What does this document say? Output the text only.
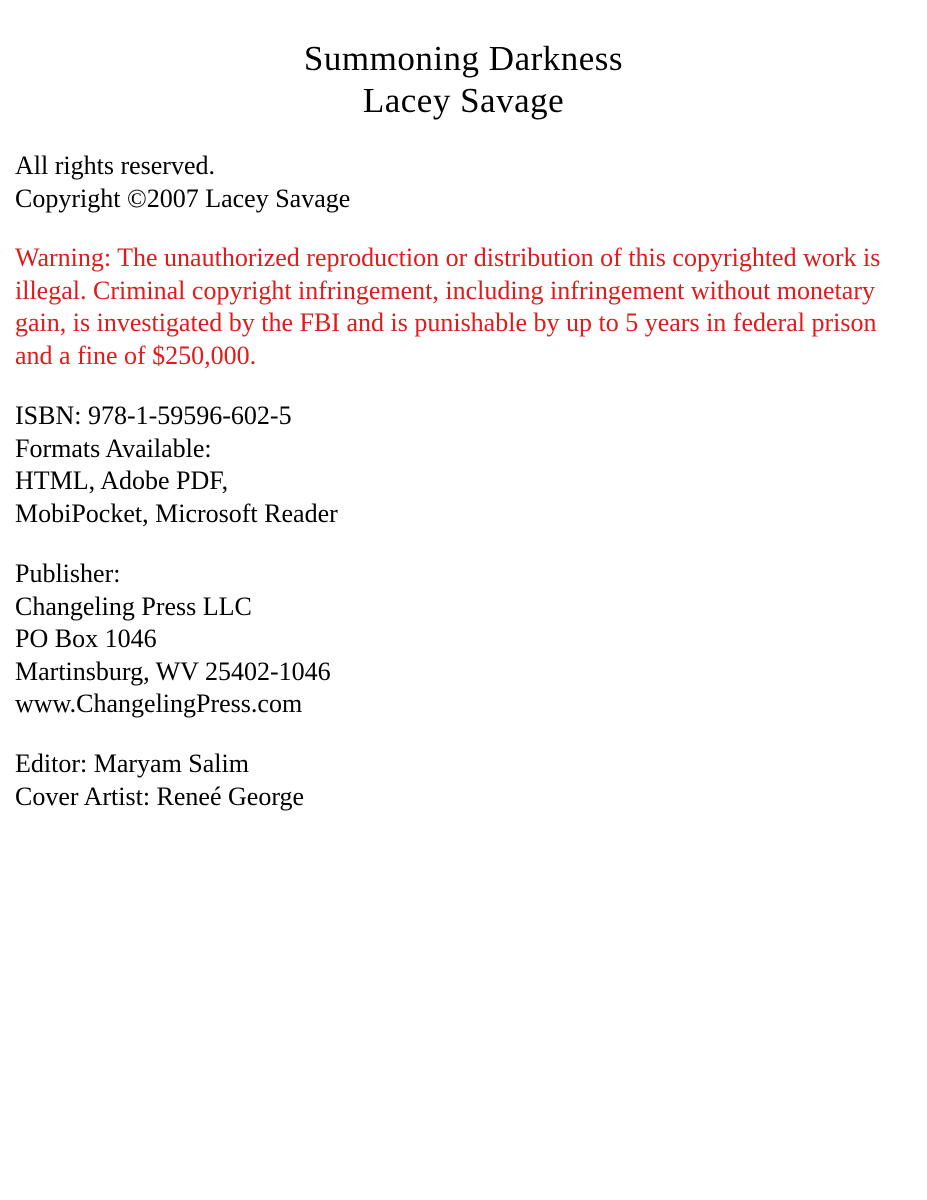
Summoning Darkness
Lacey Savage
All rights reserved.
Copyright ©2007 Lacey Savage

Warning: The unauthorized reproduction or distribution of this copyrighted work is illegal. Criminal copyright infringement, including infringement without monetary gain, is investigated by the FBI and is punishable by up to 5 years in federal prison and a fine of $250,000.

ISBN: 978-1-59596-602-5
Formats Available:
HTML, Adobe PDF,
MobiPocket, Microsoft Reader
Publisher:
Changeling Press LLC
PO Box 1046
Martinsburg, WV 25402-1046
www.ChangelingPress.com
Editor: Maryam Salim
Cover Artist: Reneé George
